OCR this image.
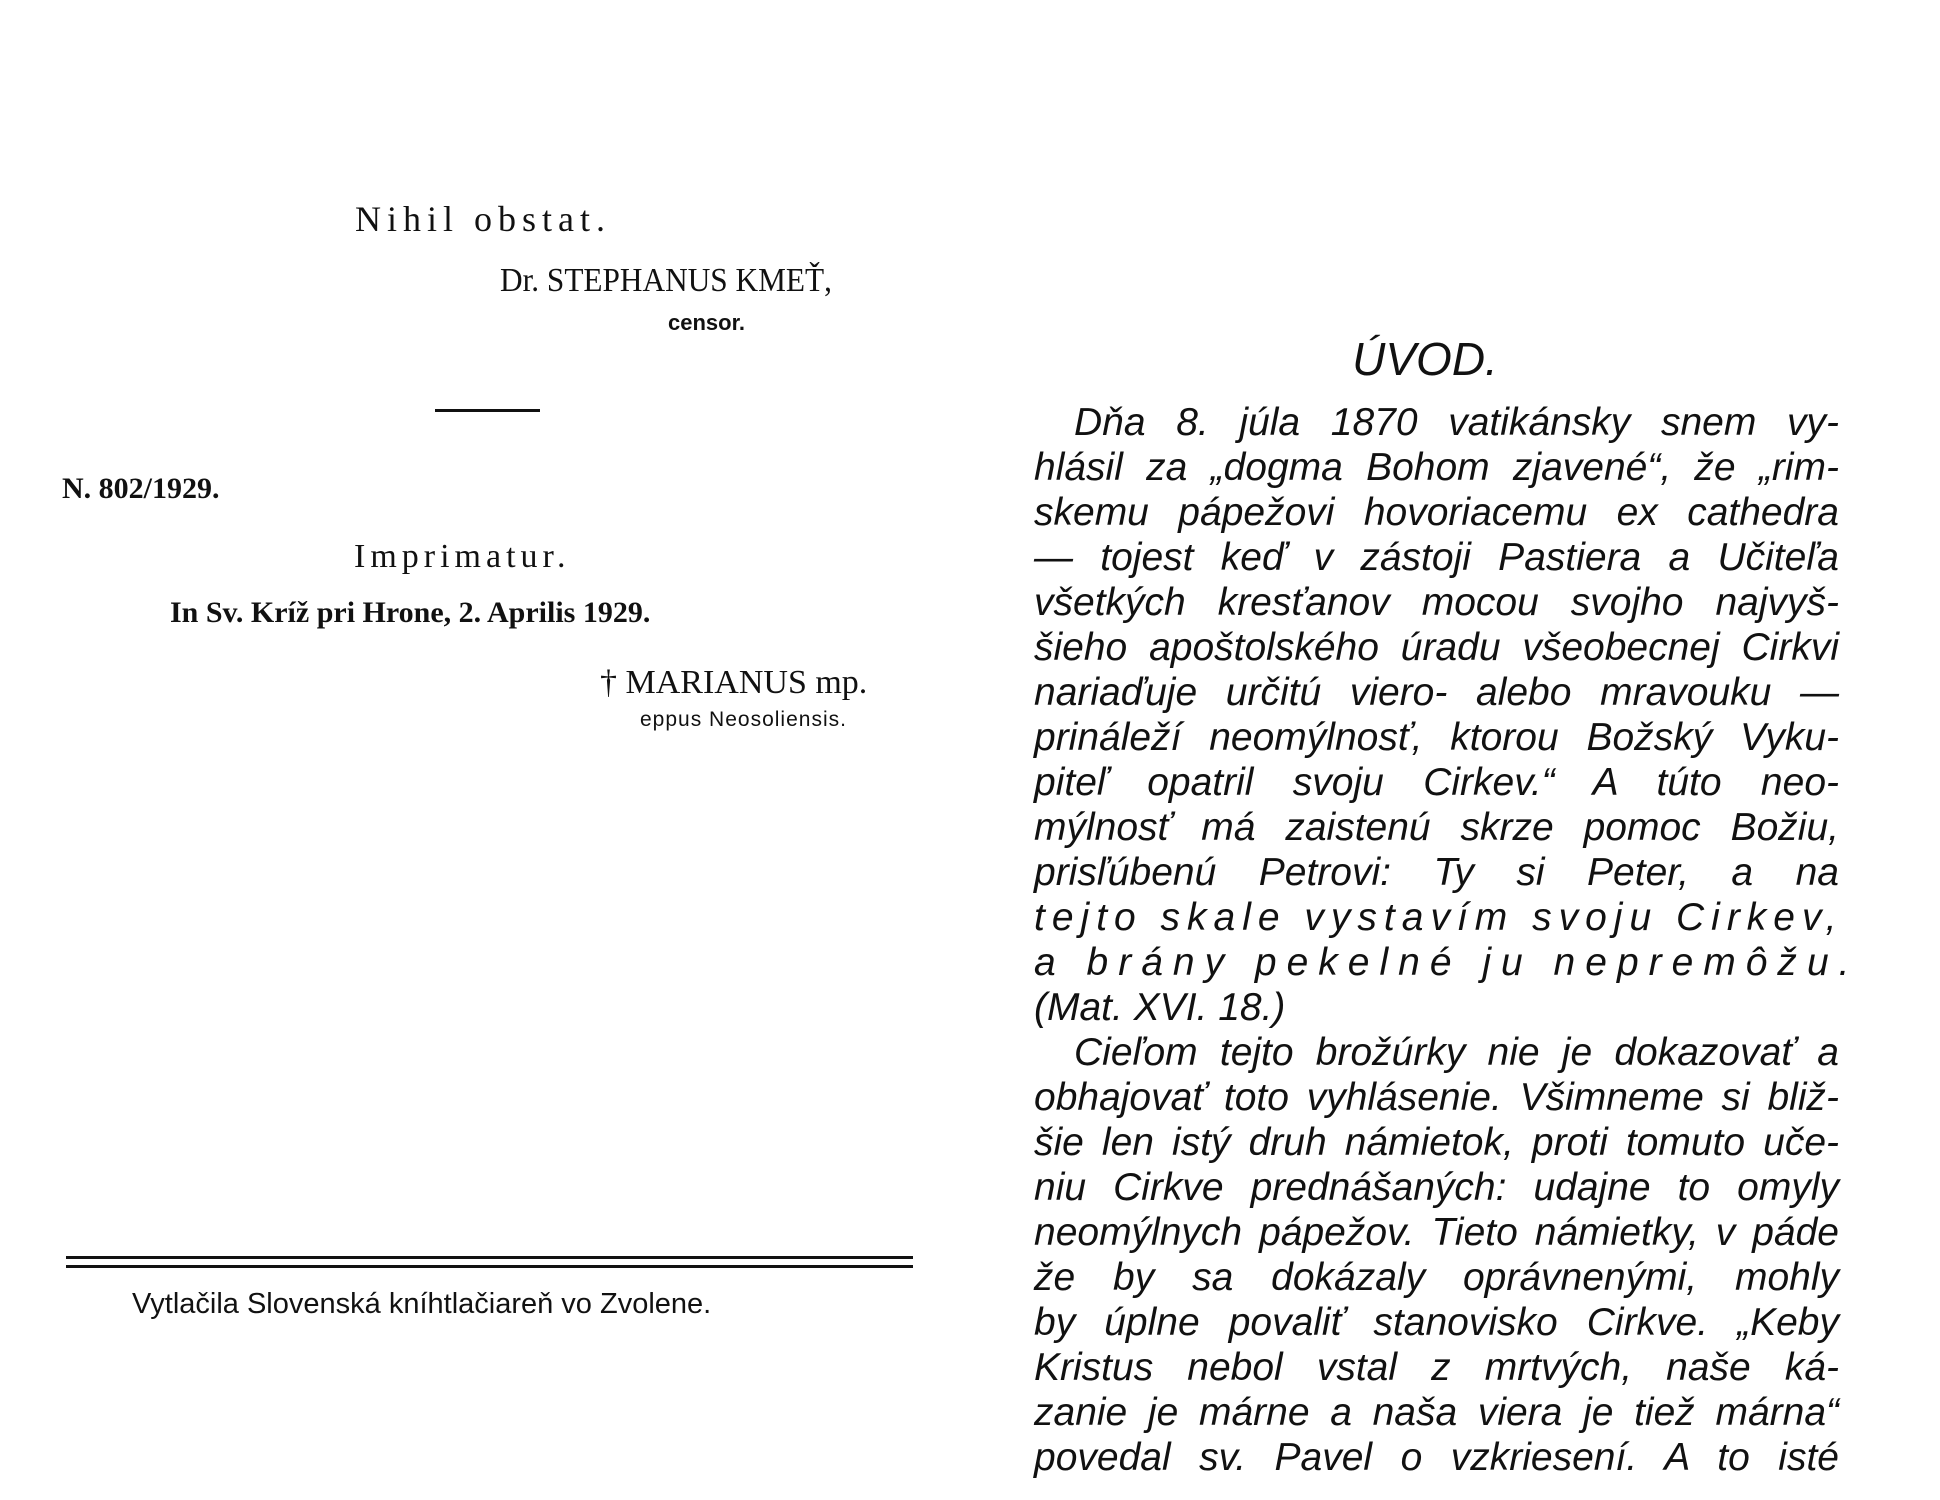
Nihil obstat.
Dr. STEPHANUS KMEŤ,
censor.
N. 802/1929.
Imprimatur.
In Sv. Kríž pri Hrone, 2. Aprilis 1929.
† MARIANUS mp.
eppus Neosoliensis.
Vytlačila Slovenská kníhtlačiareň vo Zvolene.
ÚVOD.
Dňa 8. júla 1870 vatikánsky snem vy-
hlásil za „dogma Bohom zjavené“, že „rim-
skemu pápežovi hovoriacemu ex cathedra
— tojest keď v zástoji Pastiera a Učiteľa
všetkých kresťanov mocou svojho najvyš-
šieho apoštolského úradu všeobecnej Cirkvi
nariaďuje určitú viero- alebo mravouku —
prináleží neomýlnosť, ktorou Božský Vyku-
piteľ opatril svoju Cirkev.“ A túto neo-
mýlnosť má zaistenú skrze pomoc Božiu,
prisľúbenú Petrovi: Ty si Peter, a na
tejto skale vystavím svoju Cirkev,
a brány pekelné ju nepremôžu.
(Mat. XVI. 18.)
Cieľom tejto brožúrky nie je dokazovať a
obhajovať toto vyhlásenie. Všimneme si bliž-
šie len istý druh námietok, proti tomuto uče-
niu Cirkve prednášaných: udajne to omyly
neomýlnych pápežov. Tieto námietky, v páde
že by sa dokázaly oprávnenými, mohly
by úplne povaliť stanovisko Cirkve. „Keby
Kristus nebol vstal z mrtvých, naše ká-
zanie je márne a naša viera je tiež márna“
povedal sv. Pavel o vzkriesení. A to isté
